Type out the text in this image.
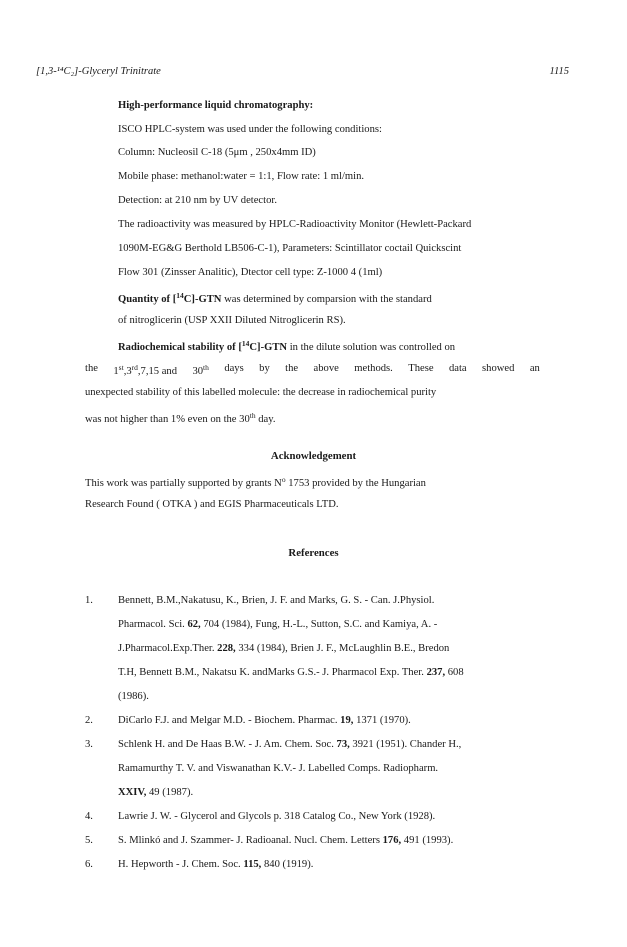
[1,3-¹⁴C₂]-Glyceryl Trinitrate	1115
High-performance liquid chromatography:
ISCO HPLC-system was used under the following conditions:
Column: Nucleosil C-18 (5μm , 250x4mm ID)
Mobile phase: methanol:water = 1:1, Flow rate: 1 ml/min.
Detection: at 210 nm by UV detector.
The radioactivity was measured by HPLC-Radioactivity Monitor (Hewlett-Packard
1090M-EG&G Berthold LB506-C-1), Parameters: Scintillator coctail Quickscint
Flow 301 (Zinsser Analitic), Dtector cell type: Z-1000 4 (1ml)
Quantity of [$^{14}$C]-GTN was determined by comparsion with the standard
of nitroglicerin (USP XXII Diluted Nitroglicerin RS).
Radiochemical stability of [$^{14}$C]-GTN in the dilute solution was controlled on
the 1st,3rd,7,15 and 30th days by the above methods. These data showed an
unexpected stability of this labelled molecule: the decrease in radiochemical purity
was not higher than 1% even on the 30th day.
Acknowledgement
This work was partially supported by grants $N^o$ 1753 provided by the Hungarian
Research Found ( OTKA ) and EGIS Pharmaceuticals LTD.
References
1. Bennett, B.M.,Nakatusu, K., Brien, J. F. and Marks, G. S. - Can. J.Physiol.
Pharmacol. Sci. 62, 704 (1984), Fung, H.-L., Sutton, S.C. and Kamiya, A. -
J.Pharmacol.Exp.Ther. 228, 334 (1984), Brien J. F., McLaughlin B.E., Bredon
T.H, Bennett B.M., Nakatsu K. andMarks G.S.- J. Pharmacol Exp. Ther. 237, 608
(1986).
2. DiCarlo F.J. and Melgar M.D. - Biochem. Pharmac. 19, 1371 (1970).
3. Schlenk H. and De Haas B.W. - J. Am. Chem. Soc. 73, 3921 (1951). Chander H.,
Ramamurthy T. V. and Viswanathan K.V.- J. Labelled Comps. Radiopharm.
XXIV, 49 (1987).
4. Lawrie J. W. - Glycerol and Glycols p. 318 Catalog Co., New York (1928).
5. S. Mlinkó and J. Szammer- J. Radioanal. Nucl. Chem. Letters 176, 491 (1993).
6. H. Hepworth - J. Chem. Soc. 115, 840 (1919).
